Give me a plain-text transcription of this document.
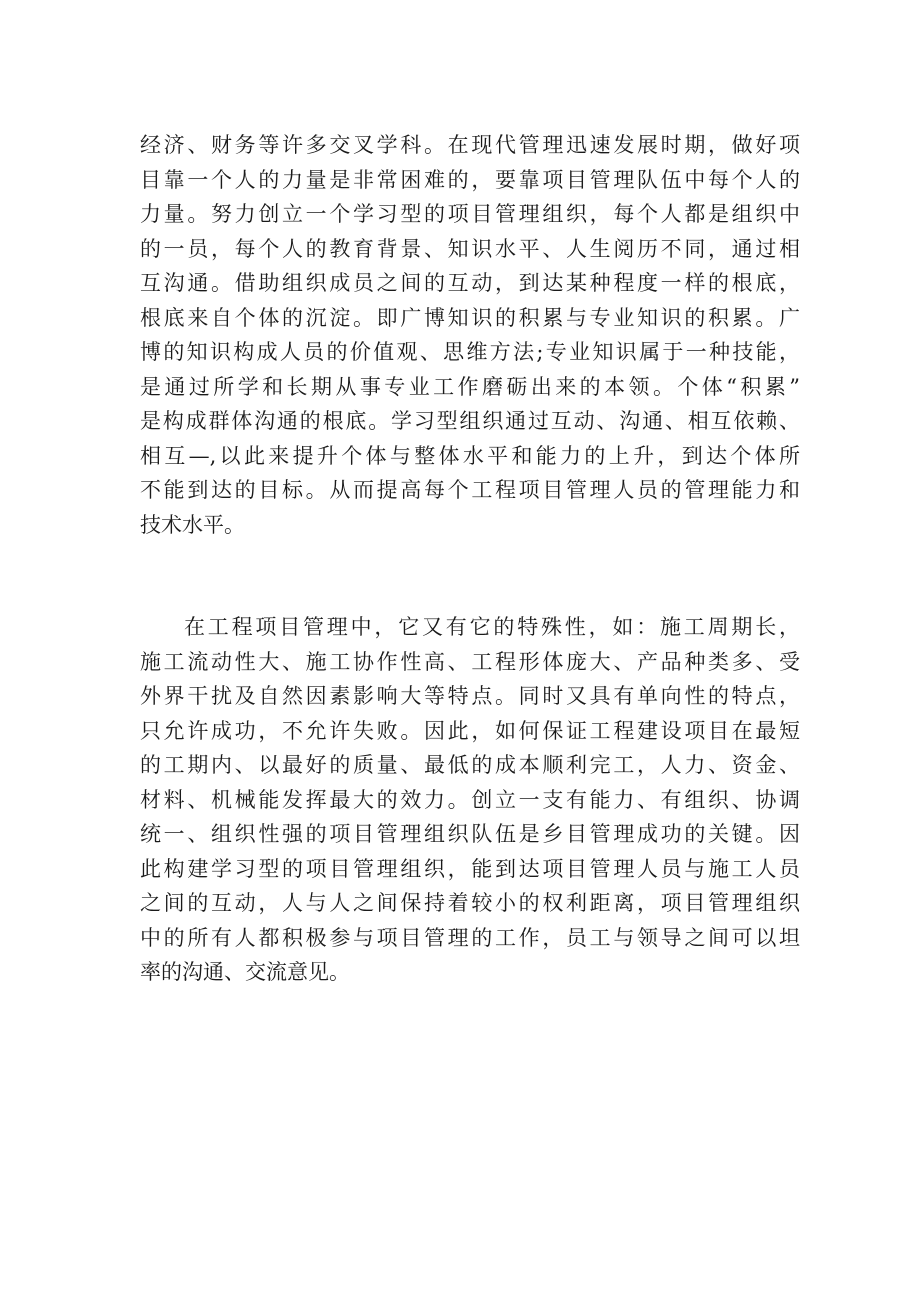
经济、财务等许多交叉学科。在现代管理迅速发展时期，做好项
目靠一个人的力量是非常困难的，要靠项目管理队伍中每个人的
力量。努力创立一个学习型的项目管理组织，每个人都是组织中
的一员，每个人的教育背景、知识水平、人生阅历不同，通过相
互沟通。借助组织成员之间的互动，到达某种程度一样的根底，
根底来自个体的沉淀。即广博知识的积累与专业知识的积累。广
博的知识构成人员的价值观、思维方法;专业知识属于一种技能，
是通过所学和长期从事专业工作磨砺出来的本领。个体“积累”
是构成群体沟通的根底。学习型组织通过互动、沟通、相互依赖、
相互—,以此来提升个体与整体水平和能力的上升，到达个体所
不能到达的目标。从而提高每个工程项目管理人员的管理能力和
技术水平。
在工程项目管理中，它又有它的特殊性，如：施工周期长，
施工流动性大、施工协作性高、工程形体庞大、产品种类多、受
外界干扰及自然因素影响大等特点。同时又具有单向性的特点，
只允许成功，不允许失败。因此，如何保证工程建设项目在最短
的工期内、以最好的质量、最低的成本顺利完工，人力、资金、
材料、机械能发挥最大的效力。创立一支有能力、有组织、协调
统一、组织性强的项目管理组织队伍是乡目管理成功的关键。因
此构建学习型的项目管理组织，能到达项目管理人员与施工人员
之间的互动，人与人之间保持着较小的权利距离，项目管理组织
中的所有人都积极参与项目管理的工作，员工与领导之间可以坦
率的沟通、交流意见。
